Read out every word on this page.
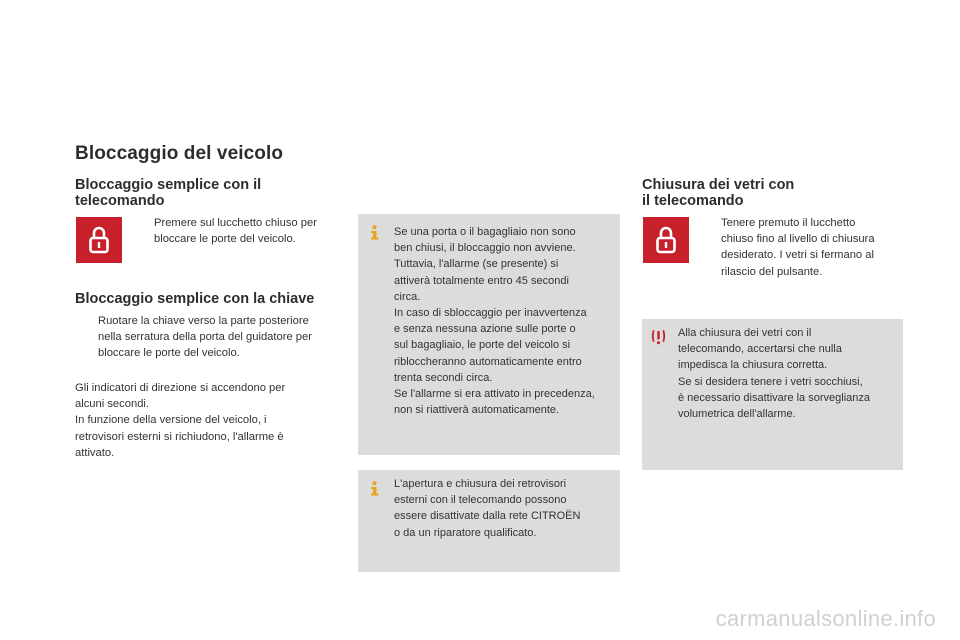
Bloccaggio del veicolo
Bloccaggio semplice con il
telecomando
Premere sul lucchetto chiuso per
bloccare le porte del veicolo.
Bloccaggio semplice con la chiave
Ruotare la chiave verso la parte posteriore
nella serratura della porta del guidatore per
bloccare le porte del veicolo.
Gli indicatori di direzione si accendono per
alcuni secondi.
In funzione della versione del veicolo, i
retrovisori esterni si richiudono, l'allarme è
attivato.
Se una porta o il bagagliaio non sono
ben chiusi, il bloccaggio non avviene.
Tuttavia, l'allarme (se presente) si
attiverà totalmente entro 45 secondi
circa.
In caso di sbloccaggio per inavvertenza
e senza nessuna azione sulle porte o
sul bagagliaio, le porte del veicolo si
ribloccheranno automaticamente entro
trenta secondi circa.
Se l'allarme si era attivato in precedenza,
non si riattiverà automaticamente.
L'apertura e chiusura dei retrovisori
esterni con il telecomando possono
essere disattivate dalla rete CITROËN
o da un riparatore qualificato.
Chiusura dei vetri con
il telecomando
Tenere premuto il lucchetto
chiuso fino al livello di chiusura
desiderato. I vetri si fermano al
rilascio del pulsante.
Alla chiusura dei vetri con il
telecomando, accertarsi che nulla
impedisca la chiusura corretta.
Se si desidera tenere i vetri socchiusi,
è necessario disattivare la sorveglianza
volumetrica dell'allarme.
carmanualsonline.info
